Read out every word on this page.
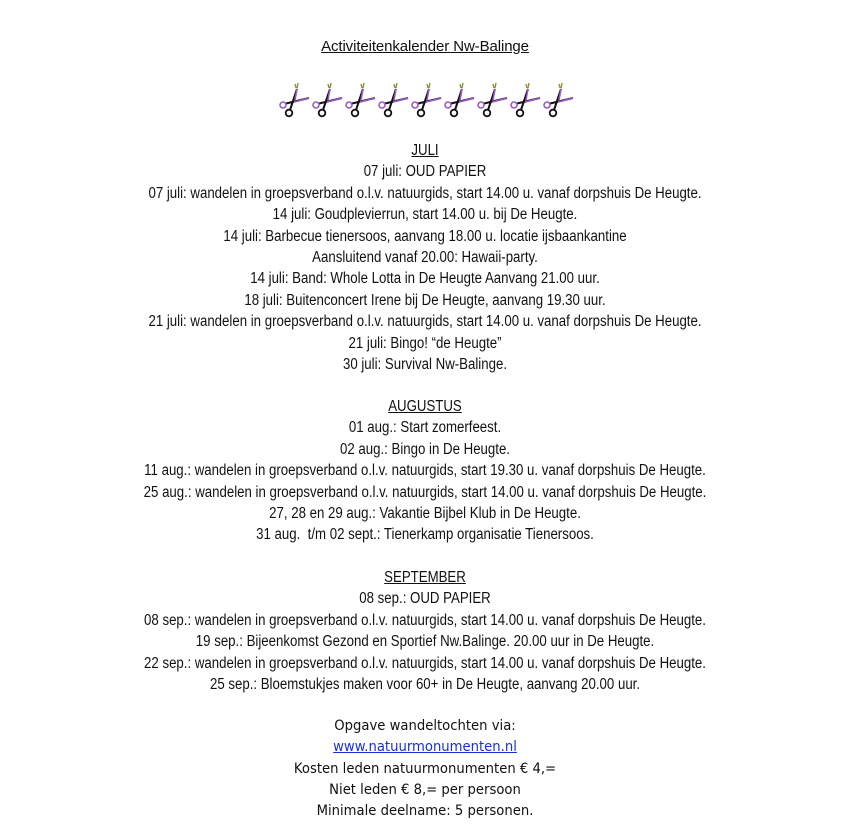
Activiteitenkalender Nw-Balinge
JULI
07 juli: OUD PAPIER
07 juli: wandelen in groepsverband o.l.v. natuurgids, start 14.00 u. vanaf dorpshuis De Heugte.
14 juli: Goudplevierrun, start 14.00 u. bij De Heugte.
14 juli: Barbecue tienersoos, aanvang 18.00 u. locatie ijsbaankantine
Aansluitend vanaf 20.00: Hawaii-party.
14 juli: Band: Whole Lotta in De Heugte Aanvang 21.00 uur.
18 juli: Buitenconcert Irene bij De Heugte, aanvang 19.30 uur.
21 juli: wandelen in groepsverband o.l.v. natuurgids, start 14.00 u. vanaf dorpshuis De Heugte.
21 juli: Bingo! “de Heugte”
30 juli: Survival Nw-Balinge.
AUGUSTUS
01 aug.: Start zomerfeest.
02 aug.: Bingo in De Heugte.
11 aug.: wandelen in groepsverband o.l.v. natuurgids, start 19.30 u. vanaf dorpshuis De Heugte.
25 aug.: wandelen in groepsverband o.l.v. natuurgids, start 14.00 u. vanaf dorpshuis De Heugte.
27, 28 en 29 aug.: Vakantie Bijbel Klub in De Heugte.
31 aug.  t/m 02 sept.: Tienerkamp organisatie Tienersoos.
SEPTEMBER
08 sep.: OUD PAPIER
08 sep.: wandelen in groepsverband o.l.v. natuurgids, start 14.00 u. vanaf dorpshuis De Heugte.
19 sep.: Bijeenkomst Gezond en Sportief Nw.Balinge. 20.00 uur in De Heugte.
22 sep.: wandelen in groepsverband o.l.v. natuurgids, start 14.00 u. vanaf dorpshuis De Heugte.
25 sep.: Bloemstukjes maken voor 60+ in De Heugte, aanvang 20.00 uur.
Opgave wandeltochten via:
www.natuurmonumenten.nl
Kosten leden natuurmonumenten € 4,=
Niet leden € 8,= per persoon
Minimale deelname: 5 personen.
